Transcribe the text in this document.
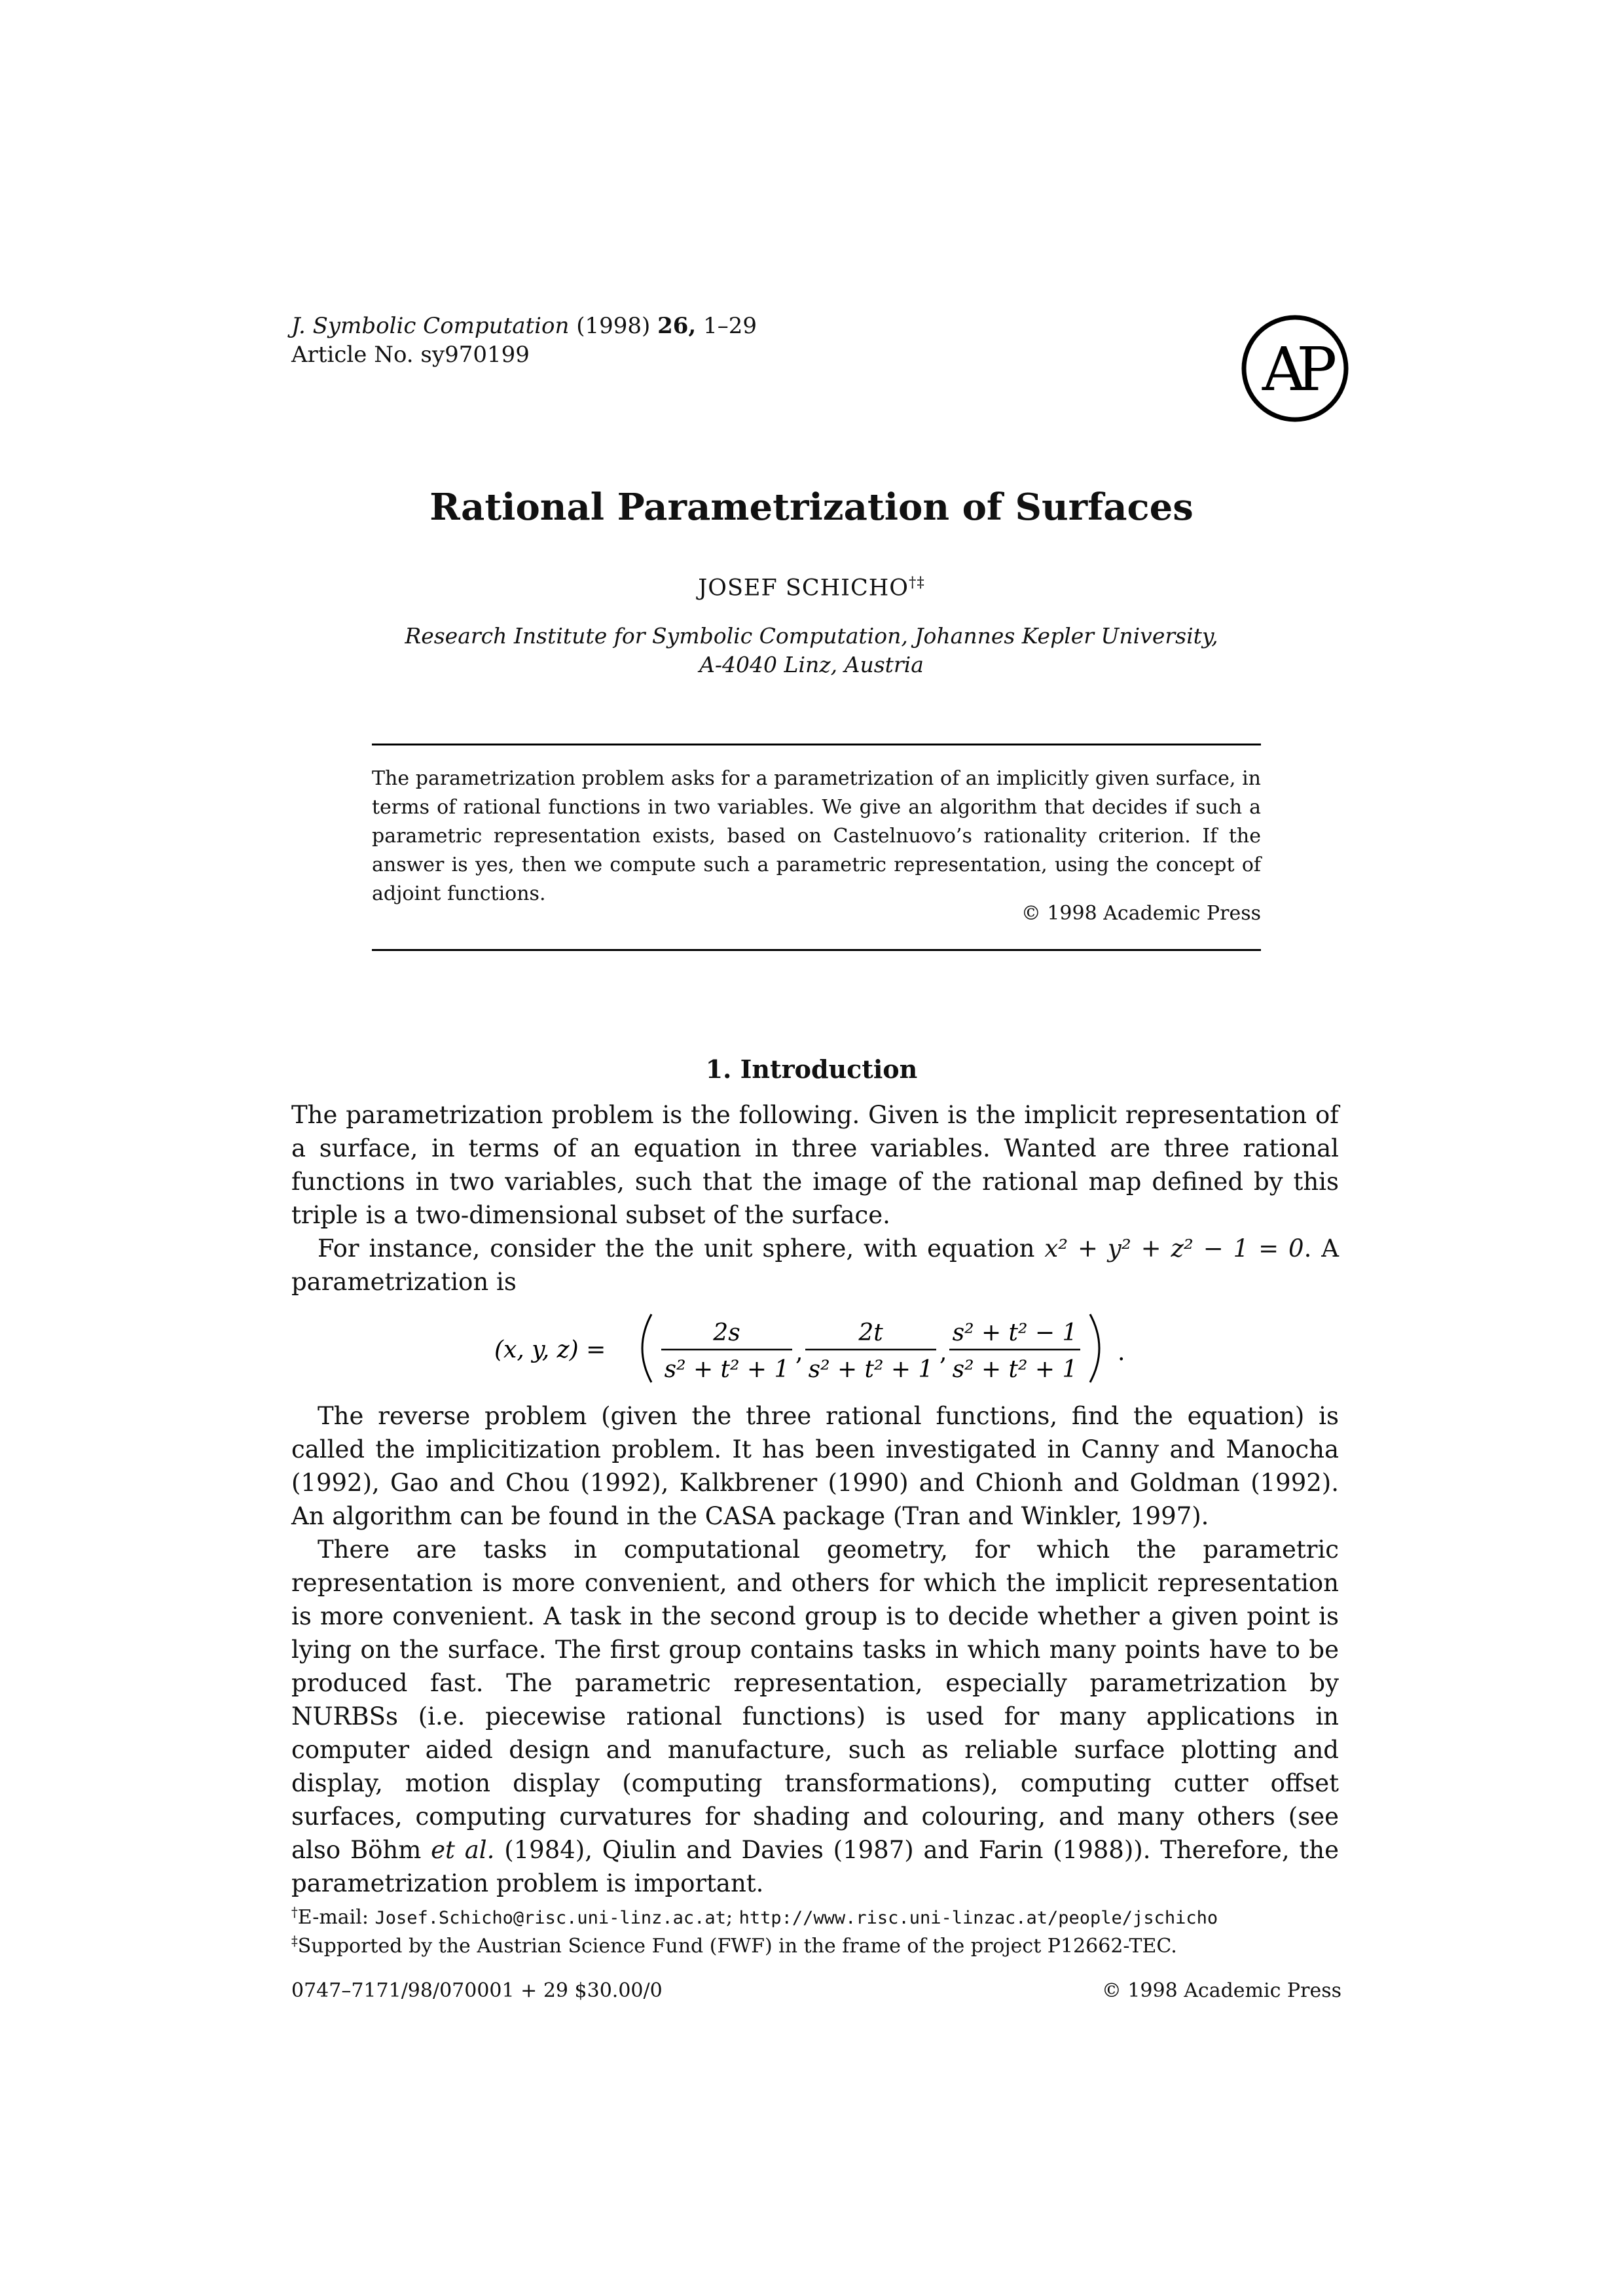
J. Symbolic Computation (1998) 26, 1–29
Article No. sy970199	AP
Rational Parametrization of Surfaces
JOSEF SCHICHO†‡
Research Institute for Symbolic Computation, Johannes Kepler University,
A-4040 Linz, Austria
The parametrization problem asks for a parametrization of an implicitly given surface, in terms of rational functions in two variables. We give an algorithm that decides if such a parametric representation exists, based on Castelnuovo’s rationality criterion. If the answer is yes, then we compute such a parametric representation, using the concept of adjoint functions.
© 1998 Academic Press
1. Introduction
The parametrization problem is the following. Given is the implicit representation of a surface, in terms of an equation in three variables. Wanted are three rational functions in two variables, such that the image of the rational map defined by this triple is a two-dimensional subset of the surface.
For instance, consider the the unit sphere, with equation x² + y² + z² − 1 = 0. A parametrization is
(x, y, z) =
2s
s² + t² + 1
,
2t
s² + t² + 1
,
s² + t² − 1
s² + t² + 1
.
The reverse problem (given the three rational functions, find the equation) is called the implicitization problem. It has been investigated in Canny and Manocha (1992), Gao and Chou (1992), Kalkbrener (1990) and Chionh and Goldman (1992). An algorithm can be found in the CASA package (Tran and Winkler, 1997).
There are tasks in computational geometry, for which the parametric representation is more convenient, and others for which the implicit representation is more convenient. A task in the second group is to decide whether a given point is lying on the surface. The first group contains tasks in which many points have to be produced fast. The parametric representation, especially parametrization by NURBSs (i.e. piecewise rational functions) is used for many applications in computer aided design and manufacture, such as reliable surface plotting and display, motion display (computing transformations), computing cutter offset surfaces, computing curvatures for shading and colouring, and many others (see also Böhm et al. (1984), Qiulin and Davies (1987) and Farin (1988)). Therefore, the parametrization problem is important.
†E-mail: Josef.Schicho@risc.uni-linz.ac.at; http://www.risc.uni-linzac.at/people/jschicho
‡Supported by the Austrian Science Fund (FWF) in the frame of the project P12662-TEC.
0747–7171/98/070001 + 29 $30.00/0	© 1998 Academic Press
